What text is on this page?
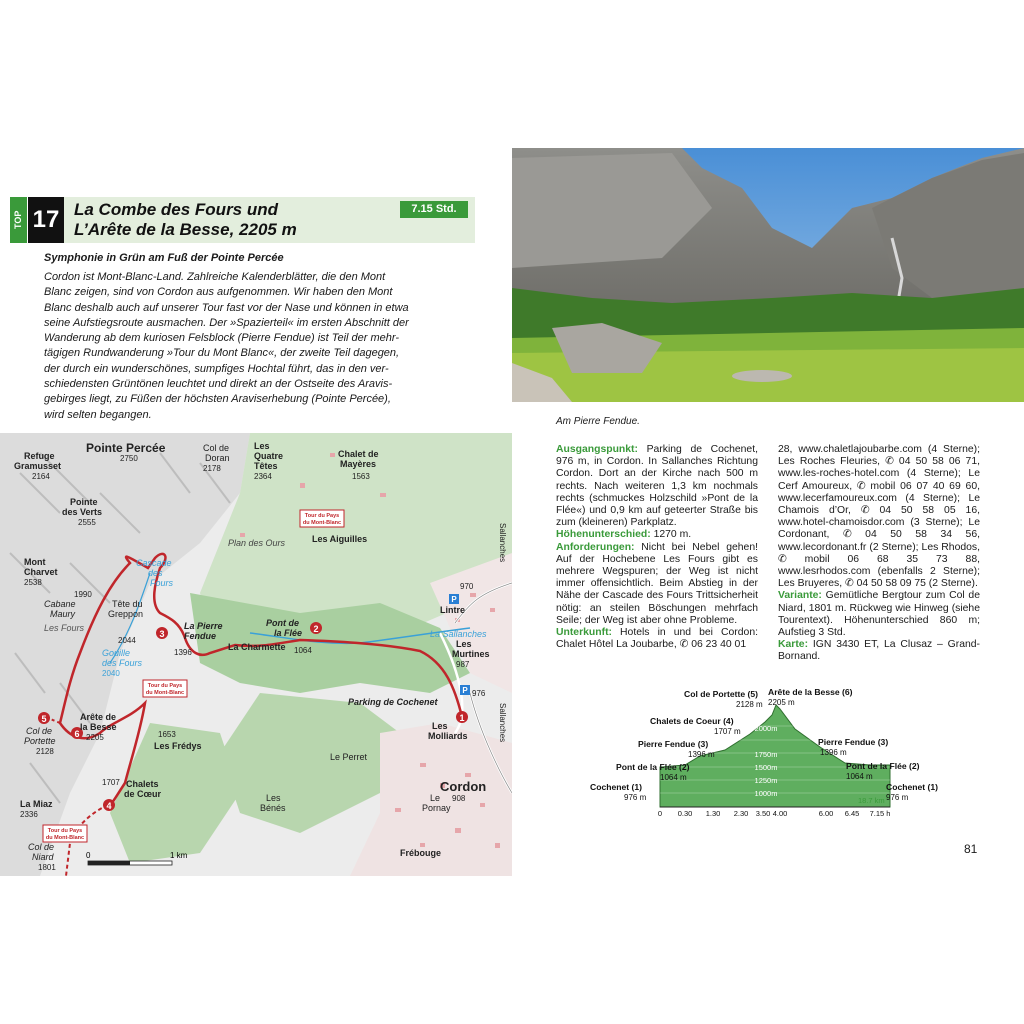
TOP 17 La Combe des Fours und
L’Arête de la Besse, 2205 m
7.15 Std.
Symphonie in Grün am Fuß der Pointe Percée
Cordon ist Mont-Blanc-Land. Zahlreiche Kalenderblätter, die den Mont
Blanc zeigen, sind von Cordon aus aufgenommen. Wir haben den Mont
Blanc deshalb auch auf unserer Tour fast vor der Nase und können in etwa
seine Aufstiegsroute ausmachen. Der »Spazierteil« im ersten Abschnitt der
Wanderung ab dem kuriosen Felsblock (Pierre Fendue) ist Teil der mehr-
tägigen Rundwanderung »Tour du Mont Blanc«, der zweite Teil dagegen,
der durch ein wunderschönes, sumpfiges Hochtal führt, das in den ver-
schiedensten Grüntönen leuchtet und direkt an der Ostseite des Aravis-
gebirges liegt, zu Füßen der höchsten Araviserhebung (Pointe Percée),
wird selten begangen.
1
2
3
4
5
6
P
P
Tour du Pays
du Mont-Blanc
Tour du Pays
du Mont-Blanc
Tour du Pays
du Mont-Blanc
Refuge
Gramusset
2164
Pointe Percée
2750
Col de
Doran
2178
Les
Quatre
Têtes
2364
Chalet de
Mayères
1563
Pointe
des Verts
2555
Mont
Charvet
2538
1990
Cabane
Maury
Les Fours
Cascade
des
Fours
Plan des Ours	Les Aiguilles
Tête du
Greppon
2044
Gouille
des Fours
2040
La Pierre
Fendue
1396
La Charmette
Pont de
la Flée
1064
970
Lintre
La Sallanches
Les
Murtines
987
976
Parking de Cochenet
Les
Molliards
Arête de
la Besse
2205
Col de
Portette
2128
1653
Les Frédys
Le Perret
1707 Chalets
de Cœur	Cordon
908
Le
Pornay
Les
Bénés
La Miaz
2336
Col de
Niard
1801
Frébouge
Sallanches
Sallanches
0	1 km
Am Pierre Fendue.
Ausgangspunkt: Parking de Cochenet, 976 m, in Cordon. In Sallanches Richtung Cordon. Dort an der Kirche nach 500 m rechts. Nach weiteren 1,3 km nochmals rechts (schmuckes Holzschild »Pont de la Flée«) und 0,9 km auf geteerter Straße bis zum (kleineren) Parkplatz.
Höhenunterschied: 1270 m.
Anforderungen: Nicht bei Nebel gehen! Auf der Hochebene Les Fours gibt es mehrere Wegspuren; der Weg ist nicht immer offensichtlich. Beim Abstieg in der Nähe der Cascade des Fours Trittsicherheit nötig: an steilen Böschungen mehrfach Seile; der Weg ist aber ohne Probleme.
Unterkunft: Hotels in und bei Cordon: Chalet Hôtel La Joubarbe, ✆ 06 23 40 01
28, www.chaletlajoubarbe.com (4 Sterne); Les Roches Fleuries, ✆ 04 50 58 06 71, www.les-roches-hotel.com (4 Sterne); Le Cerf Amoureux, ✆ mobil 06 07 40 69 60, www.lecerfamoureux.com (4 Sterne); Le Chamois d’Or, ✆ 04 50 58 05 16, www.hotel-chamoisdor.com (3 Sterne); Le Cordonant, ✆ 04 50 58 34 56, www.lecordonant.fr (2 Sterne); Les Rhodos, ✆ mobil 06 68 35 73 88, www.lesrhodos.com (ebenfalls 2 Sterne); Les Bruyeres, ✆ 04 50 58 09 75 (2 Sterne).
Variante: Gemütliche Bergtour zum Col de Niard, 1801 m. Rückweg wie Hinweg (siehe Tourentext). Höhenunterschied 860 m; Aufstieg 3 Std.
Karte: IGN 3430 ET, La Clusaz – Grand-Bornand.
1000m
1250m
1500m
1750m
2000m
0 0.30 1.30 2.30 3.50 4.00	6.00 6.45 7.15 h
18.7 km
Col de Portette (5)
2128 m
Arête de la Besse (6)
2205 m
Chalets de Coeur (4)
1707 m
Pierre Fendue (3)
1396 m
Pont de la Flée (2)
1064 m
Cochenet (1)
976 m
Pierre Fendue (3)
1396 m
Pont de la Flée (2)
1064 m
Cochenet (1)
976 m
81
